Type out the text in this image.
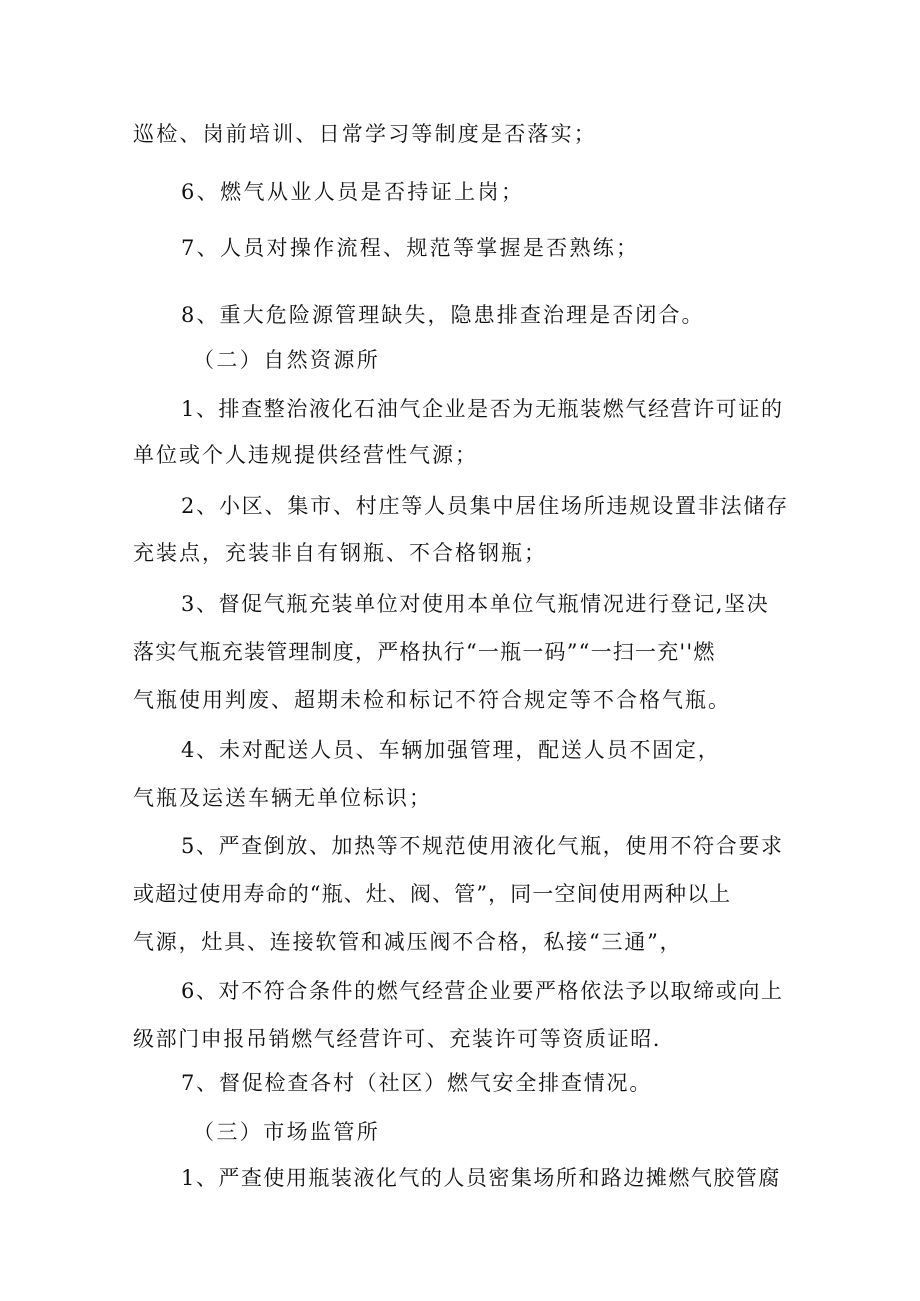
巡检、岗前培训、日常学习等制度是否落实；
6、燃气从业人员是否持证上岗；
7、人员对操作流程、规范等掌握是否熟练；
8、重大危险源管理缺失，隐患排查治理是否闭合。
（二）自然资源所
1、排查整治液化石油气企业是否为无瓶装燃气经营许可证的
单位或个人违规提供经营性气源；
2、小区、集市、村庄等人员集中居住场所违规设置非法储存
充装点，充装非自有钢瓶、不合格钢瓶；
3、督促气瓶充装单位对使用本单位气瓶情况进行登记,坚决
落实气瓶充装管理制度，严格执行“一瓶一码”“一扫一充''燃
气瓶使用判废、超期未检和标记不符合规定等不合格气瓶。
4、未对配送人员、车辆加强管理，配送人员不固定，
气瓶及运送车辆无单位标识；
5、严查倒放、加热等不规范使用液化气瓶，使用不符合要求
或超过使用寿命的“瓶、灶、阀、管”，同一空间使用两种以上
气源，灶具、连接软管和减压阀不合格，私接“三通”，
6、对不符合条件的燃气经营企业要严格依法予以取缔或向上
级部门申报吊销燃气经营许可、充装许可等资质证昭.
7、督促检查各村（社区）燃气安全排查情况。
（三）市场监管所
1、严查使用瓶装液化气的人员密集场所和路边摊燃气胶管腐
